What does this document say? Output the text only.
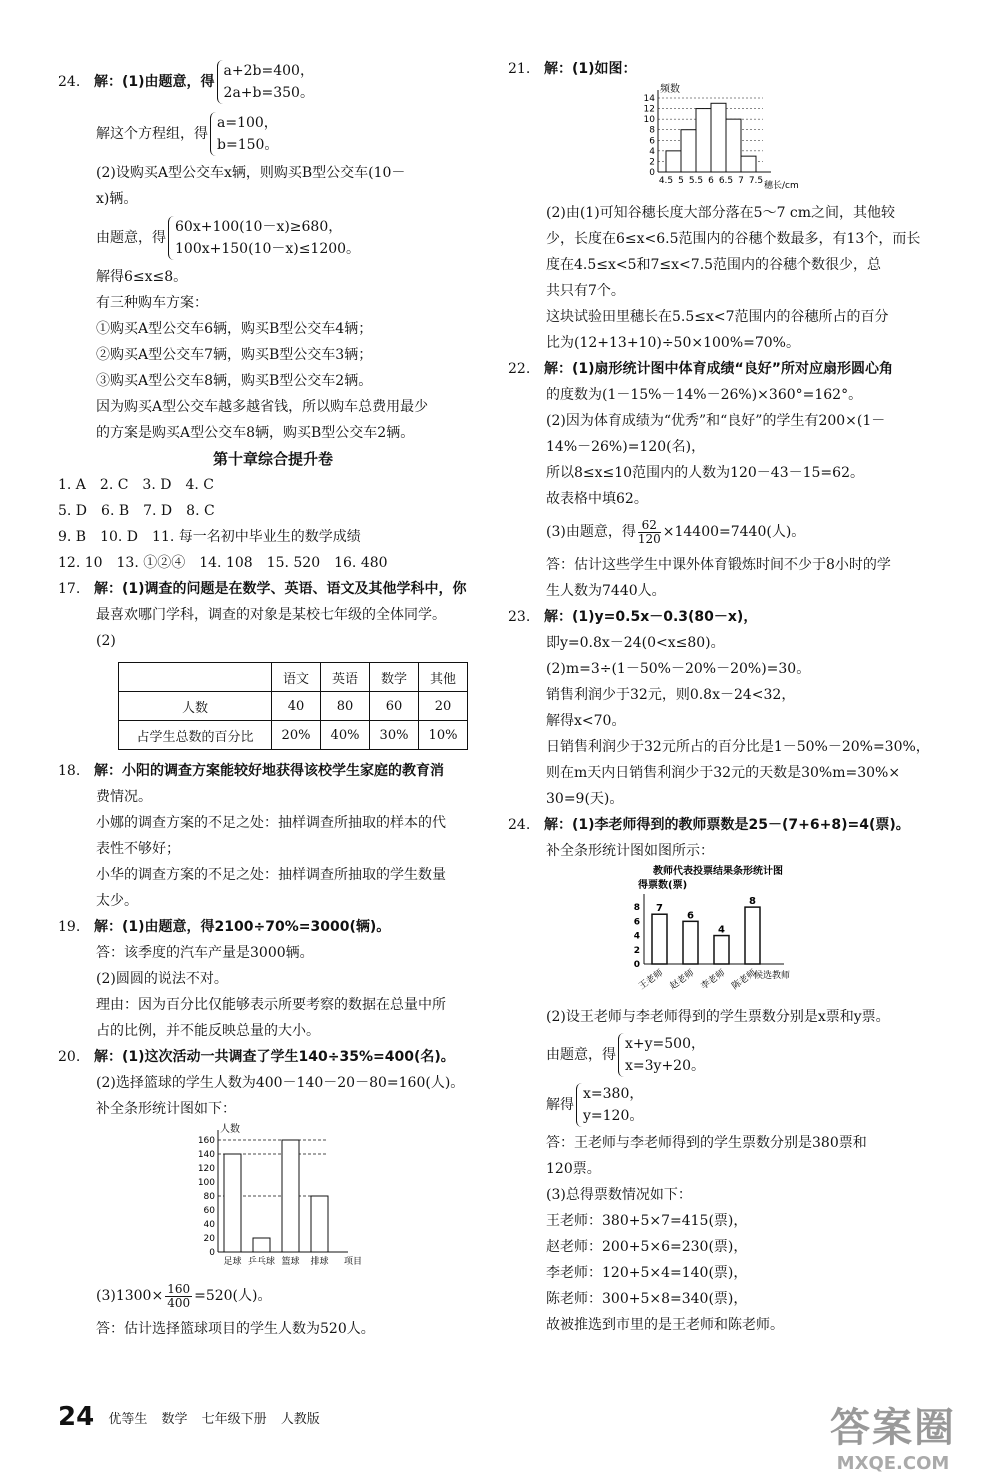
24. 解：(1)由题意，得
a+2b=400，
2a+b=350。
解这个方程组，得
a=100，
b=150。
(2)设购买A型公交车x辆，则购买B型公交车(10－
x)辆。
由题意，得
60x+100(10－x)≥680，
100x+150(10－x)≤1200。
解得6≤x≤8。
有三种购车方案：
①购买A型公交车6辆，购买B型公交车4辆；
②购买A型公交车7辆，购买B型公交车3辆；
③购买A型公交车8辆，购买B型公交车2辆。
因为购买A型公交车越多越省钱，所以购车总费用最少
的方案是购买A型公交车8辆，购买B型公交车2辆。
第十章综合提升卷
1. A　2. C　3. D　4. C
5. D　6. B　7. D　8. C
9. B　10. D　11. 每一名初中毕业生的数学成绩
12. 10　13. ①②④　14. 108　15. 520　16. 480
17. 解：(1)调查的问题是在数学、英语、语文及其他学科中，你
最喜欢哪门学科，调查的对象是某校七年级的全体同学。
(2)
	语文	英语	数学	其他
人数	40	80	60	20
占学生总数的百分比	20%	40%	30%	10%
18. 解：小阳的调查方案能较好地获得该校学生家庭的教育消
费情况。
小娜的调查方案的不足之处：抽样调查所抽取的样本的代
表性不够好；
小华的调查方案的不足之处：抽样调查所抽取的学生数量
太少。
19. 解：(1)由题意，得2100÷70%=3000(辆)。
答：该季度的汽车产量是3000辆。
(2)圆圆的说法不对。
理由：因为百分比仅能够表示所要考察的数据在总量中所
占的比例，并不能反映总量的大小。
20. 解：(1)这次活动一共调查了学生140÷35%=400(名)。
(2)选择篮球的学生人数为400－140－20－80=160(人)。
补全条形统计图如下：
人数
0
20
40
60
80
100
120
140
160
足球 乒乓球 篮球 排球 项目
$(3)1300\times \frac{160}{400} =520$(人)。
答：估计选择篮球项目的学生人数为520人。
21. 解：(1)如图：
频数
0
2
4
6
8
10
12
14
4.5 5 5.5 6 6.5 7 7.5 穗长/cm
(2)由(1)可知谷穗长度大部分落在5～7 cm之间，其他较
少，长度在6≤x<6.5范围内的谷穗个数最多，有13个，而长
度在4.5≤x<5和7≤x<7.5范围内的谷穗个数很少，总
共只有7个。
这块试验田里穗长在5.5≤x<7范围内的谷穗所占的百分
比为(12+13+10)÷50×100%=70%。
22. 解：(1)扇形统计图中体育成绩“良好”所对应扇形圆心角
的度数为(1－15%－14%－26%)×360°=162°。
(2)因为体育成绩为“优秀”和“良好”的学生有200×(1－
14%－26%)=120(名)，
所以8≤x≤10范围内的人数为120－43－15=62。
故表格中填62。
(3)由题意，得 $\frac{62}{120} \times 14400=7440$(人)。
答：估计这些学生中课外体育锻炼时间不少于8小时的学
生人数为7440人。
23. 解：(1)y=0.5x－0.3(80－x)，
即y=0.8x－24(0<x≤80)。
(2)m=3÷(1－50%－20%－20%)=30。
销售利润少于32元，则0.8x－24<32，
解得x<70。
日销售利润少于32元所占的百分比是1－50%－20%=30%，
则在m天内日销售利润少于32元的天数是30%m=30%×
30=9(天)。
24. 解：(1)李老师得到的教师票数是25－(7+6+8)=4(票)。
补全条形统计图如图所示：
教师代表投票结果条形统计图
得票数(票)
0
2
4
6
8 7
王老师
6
赵老师
4
李老师
8
陈老师
候选教师
(2)设王老师与李老师得到的学生票数分别是x票和y票。
由题意，得
x+y=500，
x=3y+20。
解得
x=380，
y=120。
答：王老师与李老师得到的学生票数分别是380票和
120票。
(3)总得票数情况如下：
王老师：380+5×7=415(票)，
赵老师：200+5×6=230(票)，
李老师：120+5×4=140(票)，
陈老师：300+5×8=340(票)，
故被推选到市里的是王老师和陈老师。
24 优等生 数学 七年级下册 人教版	答案圈
MXQE.COM
